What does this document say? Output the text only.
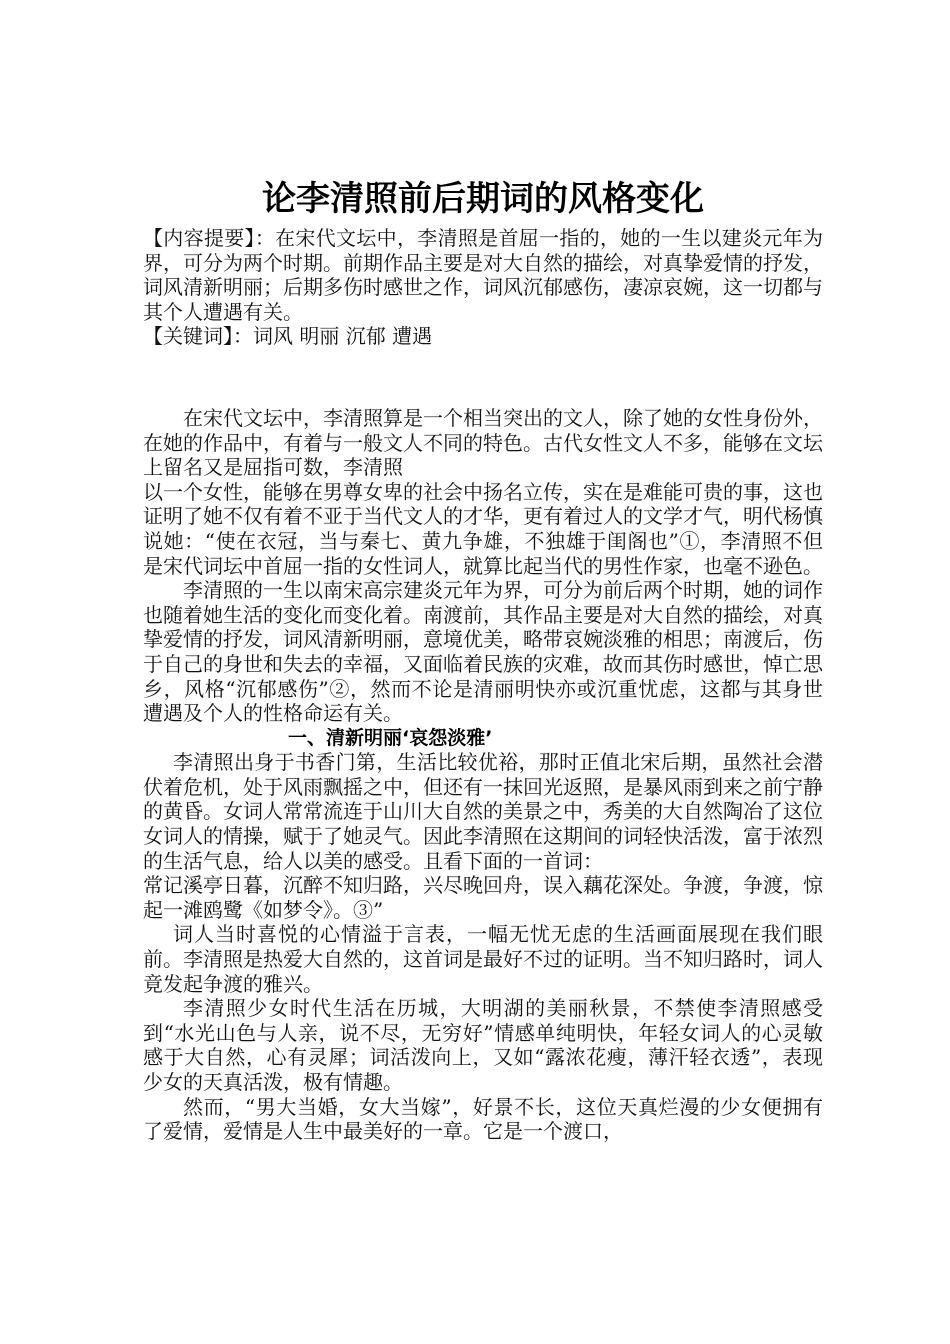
论李清照前后期词的风格变化

【内容提要】：在宋代文坛中，李清照是首屈一指的，她的一生以建炎元年为界，可分为两个时期。前期作品主要是对大自然的描绘，对真挚爱情的抒发，词风清新明丽；后期多伤时感世之作，词风沉郁感伤，凄凉哀婉，这一切都与其个人遭遇有关。

【关键词】：词风 明丽 沉郁 遭遇

在宋代文坛中，李清照算是一个相当突出的文人，除了她的女性身份外，在她的作品中，有着与一般文人不同的特色。古代女性文人不多，能够在文坛上留名又是屈指可数，李清照

以一个女性，能够在男尊女卑的社会中扬名立传，实在是难能可贵的事，这也证明了她不仅有着不亚于当代文人的才华，更有着过人的文学才气，明代杨慎说她：“使在衣冠，当与秦七、黄九争雄，不独雄于闺阁也”①，李清照不但是宋代词坛中首屈一指的女性词人，就算比起当代的男性作家，也毫不逊色。

李清照的一生以南宋高宗建炎元年为界，可分为前后两个时期，她的词作也随着她生活的变化而变化着。南渡前，其作品主要是对大自然的描绘，对真挚爱情的抒发，词风清新明丽，意境优美，略带哀婉淡雅的相思；南渡后，伤于自己的身世和失去的幸福，又面临着民族的灾难，故而其伤时感世，悼亡思乡，风格“沉郁感伤”②，然而不论是清丽明快亦或沉重忧虑，这都与其身世遭遇及个人的性格命运有关。

一、清新明丽‘哀怨淡雅’

李清照出身于书香门第，生活比较优裕，那时正值北宋后期，虽然社会潜伏着危机，处于风雨飘摇之中，但还有一抹回光返照，是暴风雨到来之前宁静的黄昏。女词人常常流连于山川大自然的美景之中，秀美的大自然陶冶了这位女词人的情操，赋于了她灵气。因此李清照在这期间的词轻快活泼，富于浓烈的生活气息，给人以美的感受。且看下面的一首词：

常记溪亭日暮，沉醉不知归路，兴尽晚回舟，误入藕花深处。争渡，争渡，惊起一滩鸥鹭《如梦令》。③”

词人当时喜悦的心情溢于言表，一幅无忧无虑的生活画面展现在我们眼前。李清照是热爱大自然的，这首词是最好不过的证明。当不知归路时，词人竟发起争渡的雅兴。

李清照少女时代生活在历城，大明湖的美丽秋景，不禁使李清照感受到“水光山色与人亲，说不尽，无穷好”情感单纯明快，年轻女词人的心灵敏感于大自然，心有灵犀；词活泼向上，又如“露浓花瘦，薄汗轻衣透”，表现少女的天真活泼，极有情趣。

然而，“男大当婚，女大当嫁”，好景不长，这位天真烂漫的少女便拥有了爱情，爱情是人生中最美好的一章。它是一个渡口，
